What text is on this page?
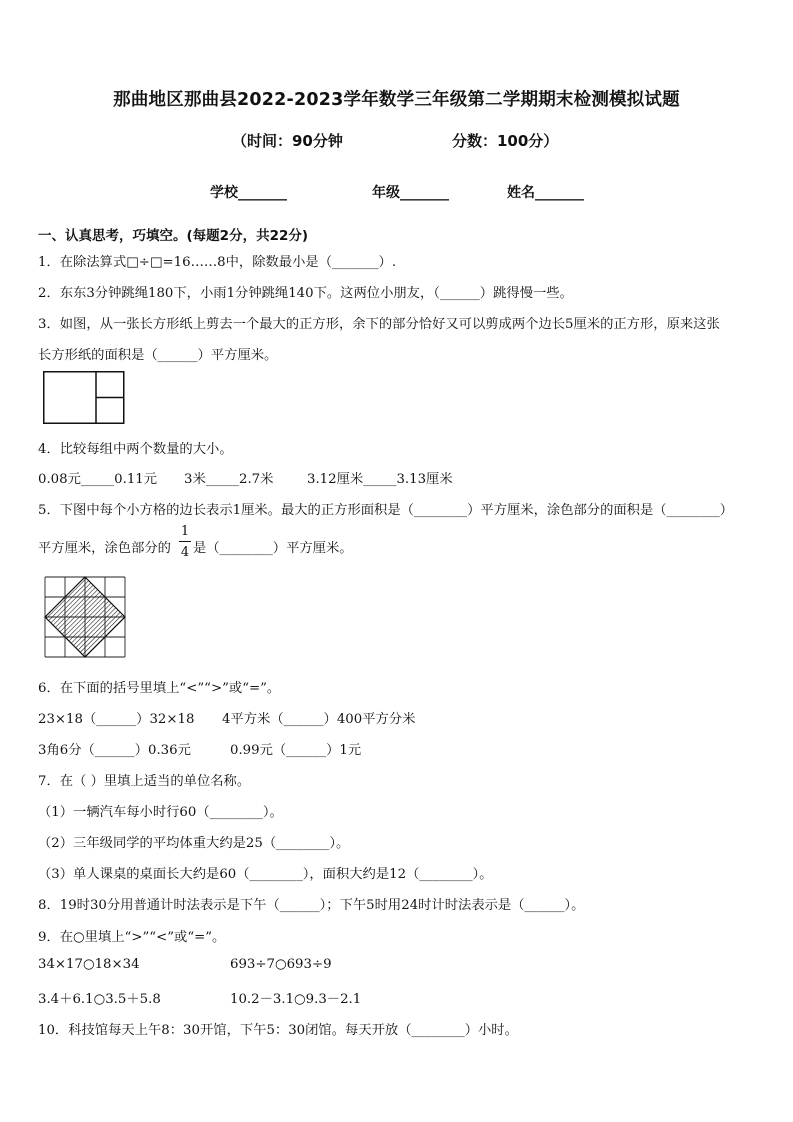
那曲地区那曲县2022-2023学年数学三年级第二学期期末检测模拟试题
（时间：90分钟	分数：100分）
学校_______	年级_______	姓名_______
一、认真思考，巧填空。(每题2分，共22分)
1．在除法算式□÷□=16……8中，除数最小是（_______）.
2．东东3分钟跳绳180下，小雨1分钟跳绳140下。这两位小朋友，（______）跳得慢一些。
3．如图，从一张长方形纸上剪去一个最大的正方形，余下的部分恰好又可以剪成两个边长5厘米的正方形，原来这张
长方形纸的面积是（______）平方厘米。
4．比较每组中两个数量的大小。
0.08元_____0.11元 3米_____2.7米	3.12厘米_____3.13厘米
5．下图中每个小方格的边长表示1厘米。最大的正方形面积是（________）平方厘米，涂色部分的面积是（________）
平方厘米，涂色部分的
1
4 是（________）平方厘米。
6．在下面的括号里填上“<”“>”或“=”。
23×18（______）32×18 4平方米（______）400平方分米
3角6分（______）0.36元	0.99元（______）1元
7．在（ ）里填上适当的单位名称。
（1）一辆汽车每小时行60（________）。
（2）三年级同学的平均体重大约是25（________）。
（3）单人课桌的桌面长大约是60（________），面积大约是12（________）。
8．19时30分用普通计时法表示是下午（______）；下午5时用24时计时法表示是（______）。
9．在○里填上“>”“<”或“=”。
34×17○18×34	693÷7○693÷9
3.4＋6.1○3.5＋5.8	10.2－3.1○9.3－2.1
10．科技馆每天上午8：30开馆，下午5：30闭馆。每天开放（________）小时。
